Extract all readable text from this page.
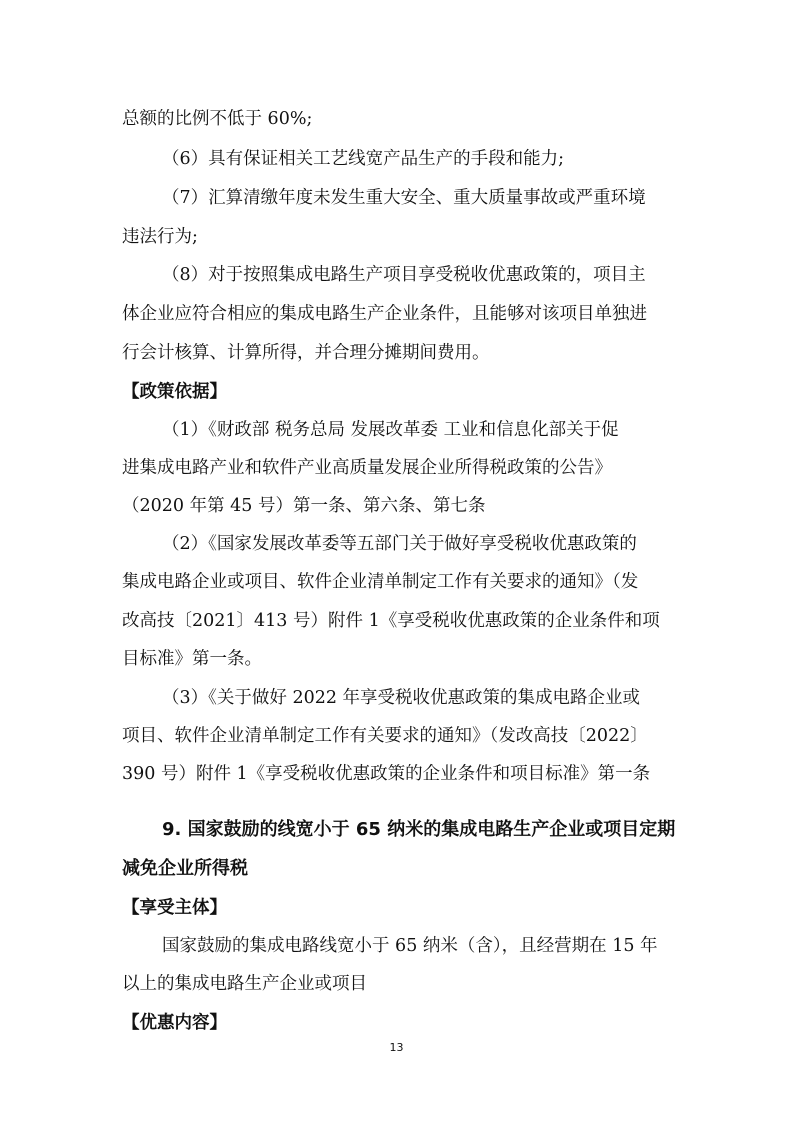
总额的比例不低于 60%;
（6）具有保证相关工艺线宽产品生产的手段和能力;
（7）汇算清缴年度未发生重大安全、重大质量事故或严重环境
违法行为;
（8）对于按照集成电路生产项目享受税收优惠政策的，项目主
体企业应符合相应的集成电路生产企业条件，且能够对该项目单独进
行会计核算、计算所得，并合理分摊期间费用。
【政策依据】
（1）《财政部 税务总局 发展改革委 工业和信息化部关于促
进集成电路产业和软件产业高质量发展企业所得税政策的公告》
（2020 年第 45 号）第一条、第六条、第七条
（2）《国家发展改革委等五部门关于做好享受税收优惠政策的
集成电路企业或项目、软件企业清单制定工作有关要求的通知》（发
改高技〔2021〕413 号）附件 1《享受税收优惠政策的企业条件和项
目标准》第一条。
（3）《关于做好 2022 年享受税收优惠政策的集成电路企业或
项目、软件企业清单制定工作有关要求的通知》（发改高技〔2022〕
390 号）附件 1《享受税收优惠政策的企业条件和项目标准》第一条
9. 国家鼓励的线宽小于 65 纳米的集成电路生产企业或项目定期
减免企业所得税
【享受主体】
国家鼓励的集成电路线宽小于 65 纳米（含），且经营期在 15 年
以上的集成电路生产企业或项目
【优惠内容】
13
